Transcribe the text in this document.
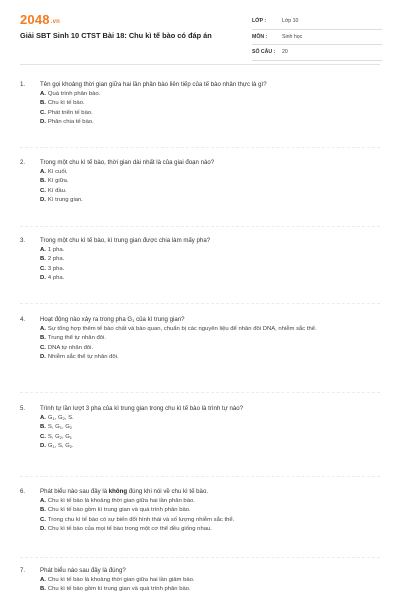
2048.vn
Giải SBT Sinh 10 CTST Bài 18: Chu kì tế bào có đáp án
LỚP :	Lớp 10
MÔN :	Sinh học
SỐ CÂU :	20
1.	Tên gọi khoảng thời gian giữa hai lần phân bào liên tiếp của tế bào nhân thực là gì?
A. Quá trình phân bào.
B. Chu kì tế bào.
C. Phát triển tế bào.
D. Phân chia tế bào.
2.	Trong một chu kì tế bào, thời gian dài nhất là của giai đoạn nào?
A. Kì cuối.
B. Kì giữa.
C. Kì đầu.
D. Kì trung gian.
3.	Trong một chu kì tế bào, kì trung gian được chia làm mấy pha?
A. 1 pha.
B. 2 pha.
C. 3 pha.
D. 4 pha.
4.	Hoạt động nào xảy ra trong pha G1 của kì trung gian?
A. Sự tổng hợp thêm tế bào chất và bào quan, chuẩn bị các nguyên liệu để nhân đôi DNA, nhiễm sắc thể.
B. Trung thể tự nhân đôi.
C. DNA tự nhân đôi.
D. Nhiễm sắc thể tự nhân đôi.
5.	Trình tự lần lượt 3 pha của kì trung gian trong chu kì tế bào là trình tự nào?
A. G1, G2, S.
B. S, G1, G2
C. S, G2, G1
D. G1, S, G2.
6.	Phát biểu nào sau đây là không đúng khi nói về chu kì tế bào.
A. Chu kì tế bào là khoảng thời gian giữa hai lần phân bào.
B. Chu kì tế bào gồm kì trung gian và quá trình phân bào.
C. Trong chu kì tế bào có sự biến đổi hình thái và số lượng nhiễm sắc thể.
D. Chu kì tế bào của mọi tế bào trong một cơ thể đều giống nhau.
7.	Phát biểu nào sau đây là đúng?
A. Chu kì tế bào là khoảng thời gian giữa hai lần giảm bào.
B. Chu kì tế bào gồm kì trung gian và quá trình phân bào.
